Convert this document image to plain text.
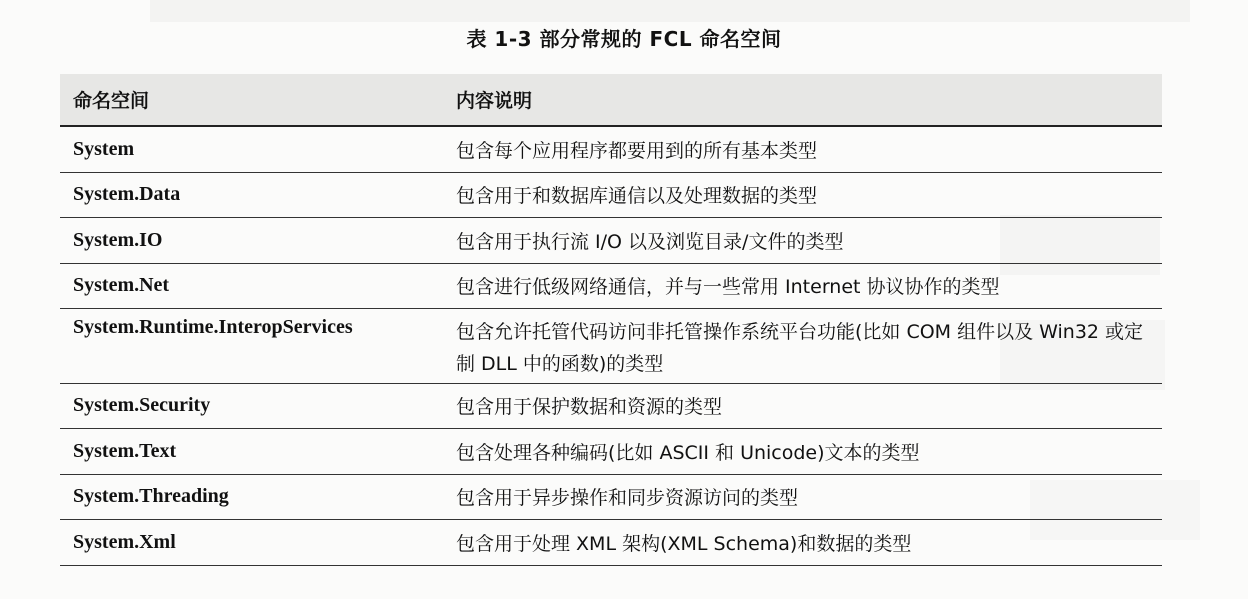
表 1-3 部分常规的 FCL 命名空间
命名空间	内容说明
System	包含每个应用程序都要用到的所有基本类型
System.Data	包含用于和数据库通信以及处理数据的类型
System.IO	包含用于执行流 I/O 以及浏览目录/文件的类型
System.Net	包含进行低级网络通信，并与一些常用 Internet 协议协作的类型
System.Runtime.InteropServices	包含允许托管代码访问非托管操作系统平台功能(比如 COM 组件以及 Win32 或定制 DLL 中的函数)的类型
System.Security	包含用于保护数据和资源的类型
System.Text	包含处理各种编码(比如 ASCII 和 Unicode)文本的类型
System.Threading	包含用于异步操作和同步资源访问的类型
System.Xml	包含用于处理 XML 架构(XML Schema)和数据的类型
